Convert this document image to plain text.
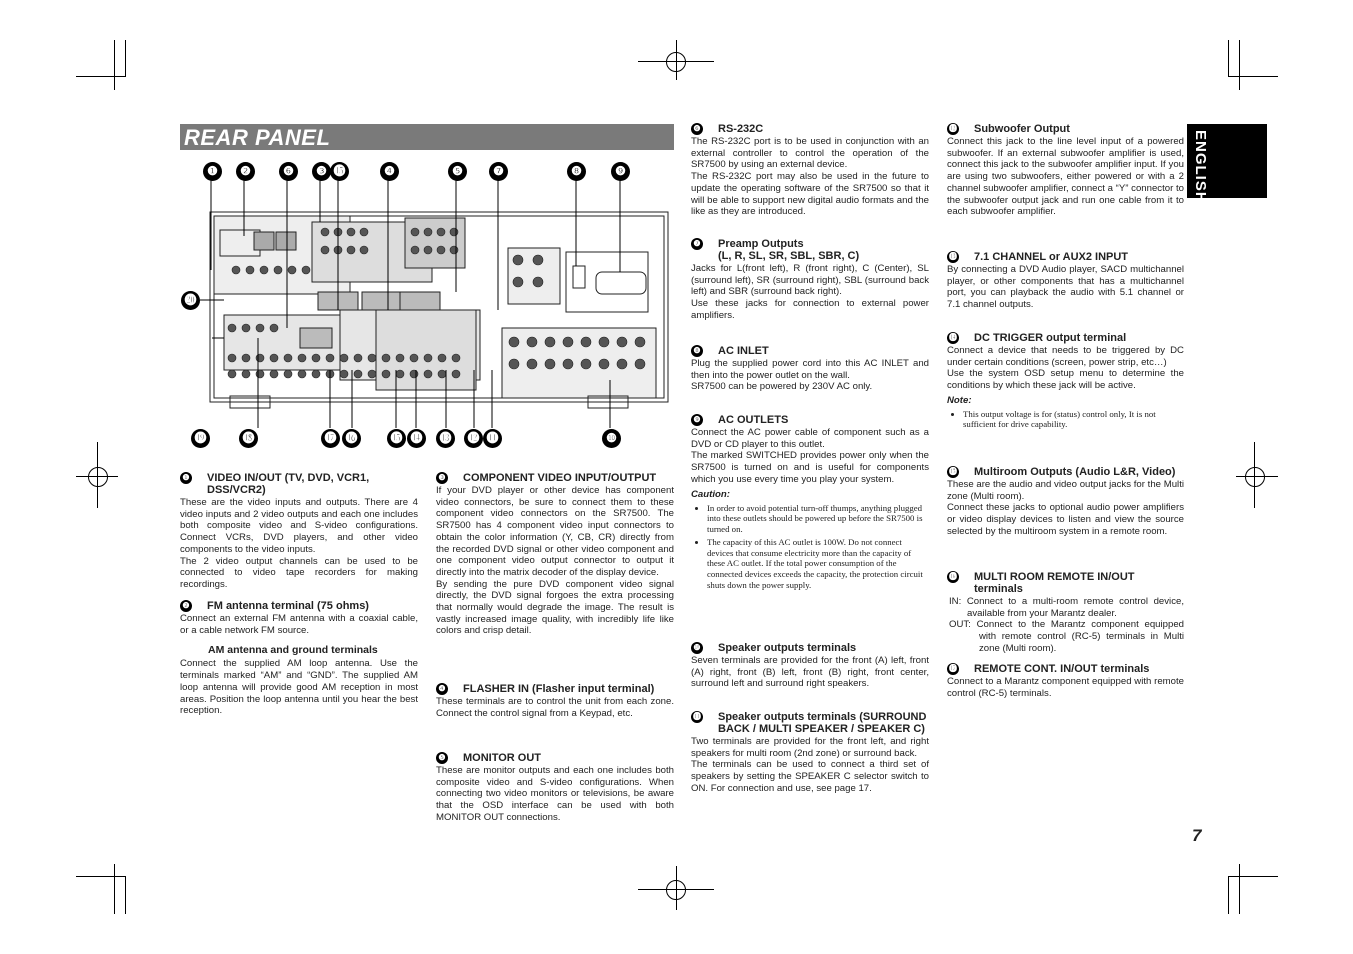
REAR PANEL	ENGLISH
7
❶	❷	❻	❸ ⓯	❹	❺	❼	❽	❾
⓴
⓳	⓲	⓱ ⓰	⓯ ⓮ ⓭ ⓬ ⓫	❿
❶ VIDEO IN/OUT (TV, DVD, VCR1, DSS/VCR2)

These are the video inputs and outputs. There are 4 video inputs and 2 video outputs and each one includes both composite video and S-video configurations. Connect VCRs, DVD players, and other video components to the video inputs.

The 2 video output channels can be used to be connected to video tape recorders for making recordings.

❷ FM antenna terminal (75 ohms)

Connect an external FM antenna with a coaxial cable, or a cable network FM source.

AM antenna and ground terminals

Connect the supplied AM loop antenna. Use the terminals marked “AM” and “GND”. The supplied AM loop antenna will provide good AM reception in most areas. Position the loop antenna until you hear the best reception.

❸ COMPONENT VIDEO INPUT/OUTPUT

If your DVD player or other device has component video connectors, be sure to connect them to these component video connectors on the SR7500. The SR7500 has 4 component video input connectors to obtain the color information (Y, CB, CR) directly from the recorded DVD signal or other video component and one component video output connector to output it directly into the matrix decoder of the display device.

By sending the pure DVD component video signal directly, the DVD signal forgoes the extra processing that normally would degrade the image. The result is vastly increased image quality, with incredibly life like colors and crisp detail.

❹ FLASHER IN (Flasher input terminal)

These terminals are to control the unit from each zone. Connect the control signal from a Keypad, etc.

❺ MONITOR OUT

These are monitor outputs and each one includes both composite video and S-video configurations. When connecting two video monitors or televisions, be aware that the OSD interface can be used with both MONITOR OUT connections.

❻ RS-232C

The RS-232C port is to be used in conjunction with an external controller to control the operation of the SR7500 by using an external device.

The RS-232C port may also be used in the future to update the operating software of the SR7500 so that it will be able to support new digital audio formats and the like as they are introduced.

❼ Preamp Outputs
(L, R, SL, SR, SBL, SBR, C)

Jacks for L(front left), R (front right), C (Center), SL (surround left), SR (surround right), SBL (surround back left) and SBR (surround back right).

Use these jacks for connection to external power amplifiers.

❽ AC INLET

Plug the supplied power cord into this AC INLET and then into the power outlet on the wall.

SR7500 can be powered by 230V AC only.

❾ AC OUTLETS

Connect the AC power cable of component such as a DVD or CD player to this outlet.

The marked SWITCHED provides power only when the SR7500 is turned on and is useful for components which you use every time you play your system.

Caution:
• In order to avoid potential turn-off thumps, anything plugged into these outlets should be powered up before the SR7500 is turned on.
• The capacity of this AC outlet is 100W. Do not connect devices that consume electricity more than the capacity of these AC outlet. If the total power consumption of the connected devices exceeds the capacity, the protection circuit shuts down the power supply.
❿ Speaker outputs terminals

Seven terminals are provided for the front (A) left, front (A) right, front (B) left, front (B) right, front center, surround left and surround right speakers.

⓫ Speaker outputs terminals (SURROUND
BACK / MULTI SPEAKER / SPEAKER C)

Two terminals are provided for the front left, and right speakers for multi room (2nd zone) or surround back.

The terminals can be used to connect a third set of speakers by setting the SPEAKER C selector switch to ON. For connection and use, see page 17.

⓬ Subwoofer Output

Connect this jack to the line level input of a powered subwoofer. If an external subwoofer amplifier is used, connect this jack to the subwoofer amplifier input. If you are using two subwoofers, either powered or with a 2 channel subwoofer amplifier, connect a “Y” connector to the subwoofer output jack and run one cable from it to each subwoofer amplifier.

⓭ 7.1 CHANNEL or AUX2 INPUT

By connecting a DVD Audio player, SACD multichannel player, or other components that has a multichannel port, you can playback the audio with 5.1 channel or 7.1 channel outputs.

⓮ DC TRIGGER output terminal

Connect a device that needs to be triggered by DC under certain conditions (screen, power strip, etc…)

Use the system OSD setup menu to determine the conditions by which these jack will be active.

Note:
• This output voltage is for (status) control only, It is not sufficient for drive capability.
⓯ Multiroom Outputs (Audio L&R, Video)

These are the audio and video output jacks for the Multi zone (Multi room).

Connect these jacks to optional audio power amplifiers or video display devices to listen and view the source selected by the multiroom system in a remote room.

⓰ MULTI ROOM REMOTE IN/OUT terminals

IN: Connect to a multi-room remote control device, available from your Marantz dealer.

OUT: Connect to the Marantz component equipped with remote control (RC-5) terminals in Multi zone (Multi room).

⓱ REMOTE CONT. IN/OUT terminals

Connect to a Marantz component equipped with remote control (RC-5) terminals.
